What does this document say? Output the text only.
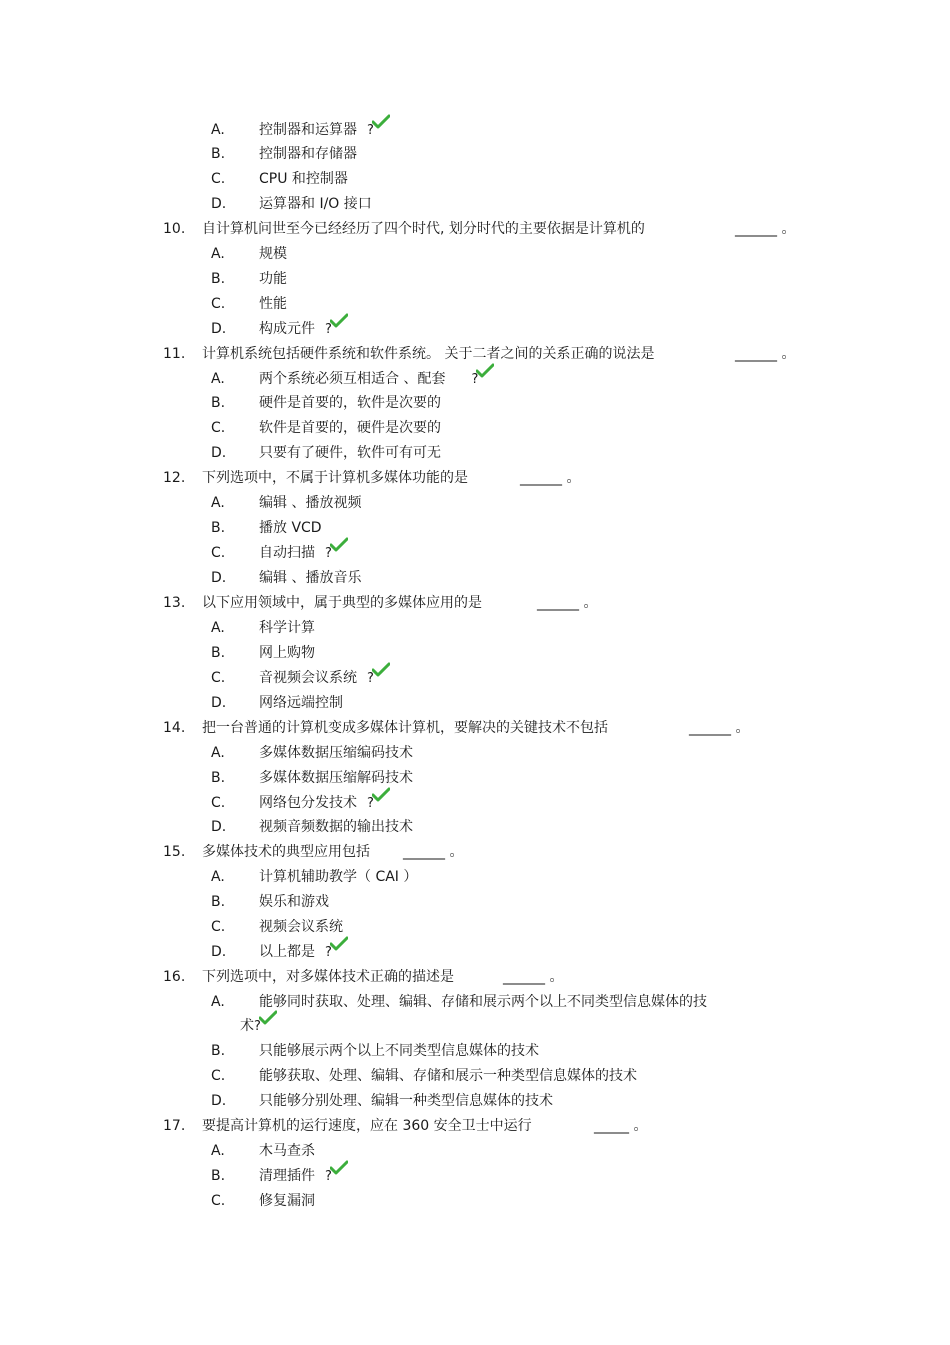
A. 控制器和运算器 ?
B. 控制器和存储器
C. CPU 和控制器
D. 运算器和 I/O 接口
10.	自计算机问世至今已经经历了四个时代, 划分时代的主要依据是计算机的	______ 。
A. 规模
B. 功能
C. 性能
D. 构成元件 ?
11.	计算机系统包括硬件系统和软件系统。 关于二者之间的关系正确的说法是	______ 。
A. 两个系统必须互相适合 、配套 ?
B. 硬件是首要的，软件是次要的
C. 软件是首要的，硬件是次要的
D. 只要有了硬件，软件可有可无
12.	下列选项中，不属于计算机多媒体功能的是	______ 。
A. 编辑 、播放视频
B. 播放 VCD
C. 自动扫描 ?
D. 编辑 、播放音乐
13.	以下应用领域中，属于典型的多媒体应用的是	______ 。
A. 科学计算
B. 网上购物
C. 音视频会议系统 ?
D. 网络远端控制
14.	把一台普通的计算机变成多媒体计算机，要解决的关键技术不包括	______ 。
A. 多媒体数据压缩编码技术
B. 多媒体数据压缩解码技术
C. 网络包分发技术 ?
D. 视频音频数据的输出技术
15.	多媒体技术的典型应用包括 ______ 。
A. 计算机辅助教学（ CAI ）
B. 娱乐和游戏
C. 视频会议系统
D. 以上都是 ?
16.	下列选项中，对多媒体技术正确的描述是	______ 。
A. 能够同时获取、处理、编辑、存储和展示两个以上不同类型信息媒体的技
术?
B. 只能够展示两个以上不同类型信息媒体的技术
C. 能够获取、处理、编辑、存储和展示一种类型信息媒体的技术
D. 只能够分别处理、编辑一种类型信息媒体的技术
17.	要提高计算机的运行速度，应在 360 安全卫士中运行	_____ 。
A. 木马查杀
B. 清理插件 ?
C. 修复漏洞
